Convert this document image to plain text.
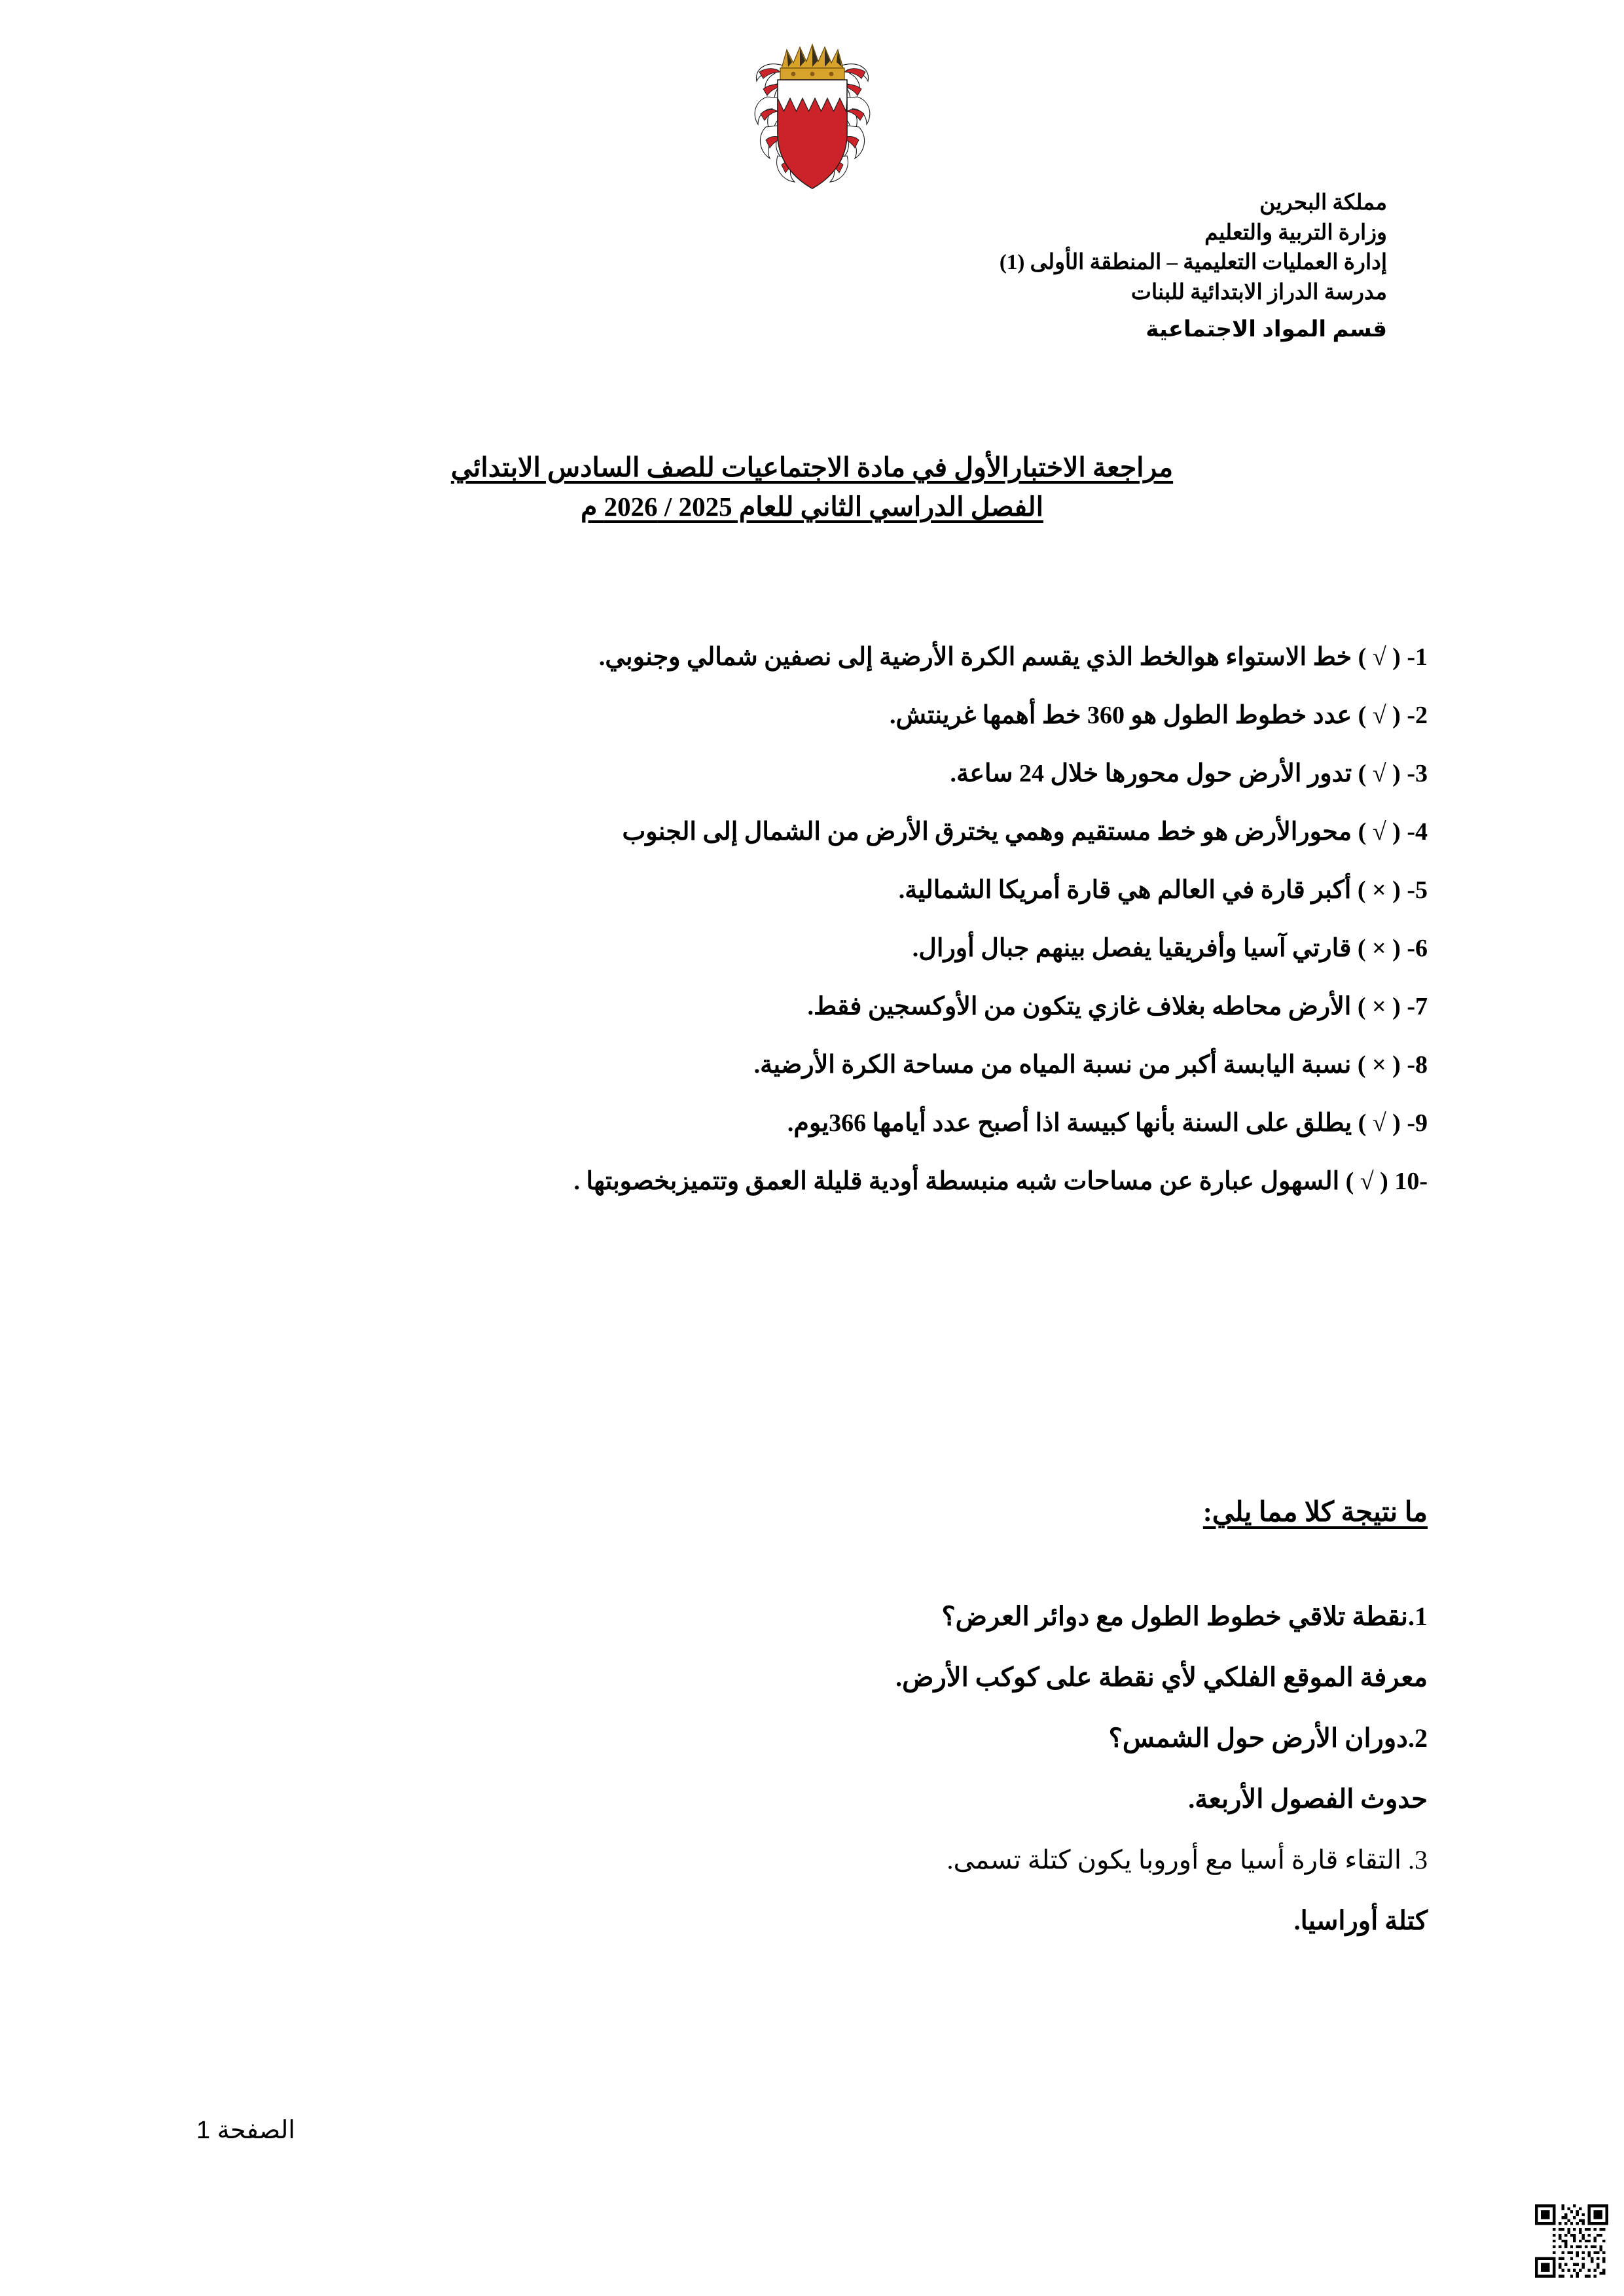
مملكة البحرين
وزارة التربية والتعليم
إدارة العمليات التعليمية – المنطقة الأولى (1)
مدرسة الدراز الابتدائية للبنات
قسم المواد الاجتماعية
مراجعة الاختبارالأول في مادة الاجتماعيات للصف السادس الابتدائي
الفصل الدراسي الثاني للعام 2025 / 2026 م
1- ( √ ) خط الاستواء هوالخط الذي يقسم الكرة الأرضية إلى نصفين شمالي وجنوبي.
2- ( √ ) عدد خطوط الطول هو 360 خط أهمها غرينتش.
3- ( √ ) تدور الأرض حول محورها خلال 24 ساعة.
4- ( √ ) محورالأرض هو خط مستقيم وهمي يخترق الأرض من الشمال إلى الجنوب
5- ( × ) أكبر قارة في العالم هي قارة أمريكا الشمالية.
6- ( × ) قارتي آسيا وأفريقيا يفصل بينهم جبال أورال.
7- ( × ) الأرض محاطه بغلاف غازي يتكون من الأوكسجين فقط.
8- ( × ) نسبة اليابسة أكبر من نسبة المياه من مساحة الكرة الأرضية.
9- ( √ ) يطلق على السنة بأنها كبيسة اذا أصبح عدد أيامها 366يوم.
-10 ( √ ) السهول عبارة عن مساحات شبه منبسطة أودية قليلة العمق وتتميزبخصوبتها .
ما نتيجة كلا مما يلي:
1.نقطة تلاقي خطوط الطول مع دوائر العرض؟
معرفة الموقع الفلكي لأي نقطة على كوكب الأرض.
2.دوران الأرض حول الشمس؟
حدوث الفصول الأربعة.
3. التقاء قارة أسيا مع أوروبا يكون كتلة تسمى.
كتلة أوراسيا.
الصفحة 1
